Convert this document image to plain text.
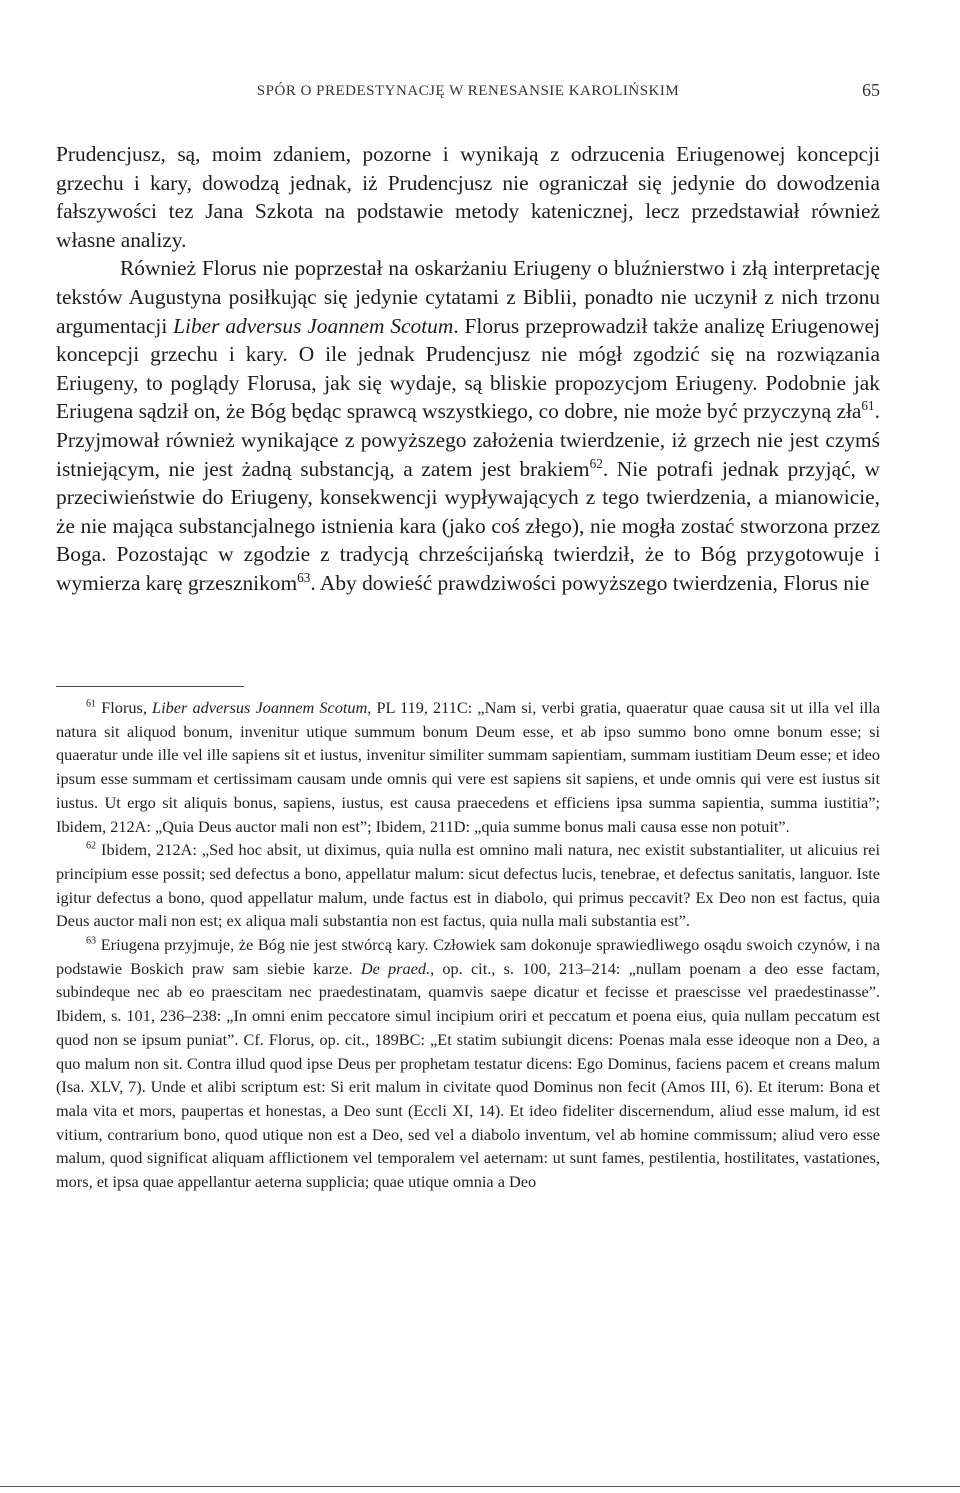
SPÓR O PREDESTYNACJĘ W RENESANSIE KAROLIŃSKIM	65

Prudencjusz, są, moim zdaniem, pozorne i wynikają z odrzucenia Eriugenowej koncepcji grzechu i kary, dowodzą jednak, iż Prudencjusz nie ograniczał się jedynie do dowodzenia fałszywości tez Jana Szkota na podstawie metody katenicznej, lecz przedstawiał również własne analizy.

Również Florus nie poprzestał na oskarżaniu Eriugeny o bluźnierstwo i złą interpretację tekstów Augustyna posiłkując się jedynie cytatami z Biblii, ponadto nie uczynił z nich trzonu argumentacji Liber adversus Joannem Scotum. Florus przeprowadził także analizę Eriugenowej koncepcji grzechu i kary. O ile jednak Prudencjusz nie mógł zgodzić się na rozwiązania Eriugeny, to poglądy Florusa, jak się wydaje, są bliskie propozycjom Eriugeny. Podobnie jak Eriugena sądził on, że Bóg będąc sprawcą wszystkiego, co dobre, nie może być przyczyną zła$^{61}$. Przyjmował również wynikające z powyższego założenia twierdzenie, iż grzech nie jest czymś istniejącym, nie jest żadną substancją, a zatem jest brakiem$^{62}$. Nie potrafi jednak przyjąć, w przeciwieństwie do Eriugeny, konsekwencji wypływających z tego twierdzenia, a mianowicie, że nie mająca substancjalnego istnienia kara (jako coś złego), nie mogła zostać stworzona przez Boga. Pozostając w zgodzie z tradycją chrześcijańską twierdził, że to Bóg przygotowuje i wymierza karę grzesznikom$^{63}$. Aby dowieść prawdziwości powyższego twierdzenia, Florus nie

$^{61}$ Florus, Liber adversus Joannem Scotum, PL 119, 211C: „Nam si, verbi gratia, quaeratur quae causa sit ut illa vel illa natura sit aliquod bonum, invenitur utique summum bonum Deum esse, et ab ipso summo bono omne bonum esse; si quaeratur unde ille vel ille sapiens sit et iustus, invenitur similiter summam sapientiam, summam iustitiam Deum esse; et ideo ipsum esse summam et certissimam causam unde omnis qui vere est sapiens sit sapiens, et unde omnis qui vere est iustus sit iustus. Ut ergo sit aliquis bonus, sapiens, iustus, est causa praecedens et efficiens ipsa summa sapientia, summa iustitia”; Ibidem, 212A: „Quia Deus auctor mali non est”; Ibidem, 211D: „quia summe bonus mali causa esse non potuit”.

$^{62}$ Ibidem, 212A: „Sed hoc absit, ut diximus, quia nulla est omnino mali natura, nec existit substantialiter, ut alicuius rei principium esse possit; sed defectus a bono, appellatur malum: sicut defectus lucis, tenebrae, et defectus sanitatis, languor. Iste igitur defectus a bono, quod appellatur malum, unde factus est in diabolo, qui primus peccavit? Ex Deo non est factus, quia Deus auctor mali non est; ex aliqua mali substantia non est factus, quia nulla mali substantia est”.

$^{63}$ Eriugena przyjmuje, że Bóg nie jest stwórcą kary. Człowiek sam dokonuje sprawiedliwego osądu swoich czynów, i na podstawie Boskich praw sam siebie karze. De praed., op. cit., s. 100, 213–214: „nullam poenam a deo esse factam, subindeque nec ab eo praescitam nec praedestinatam, quamvis saepe dicatur et fecisse et praescisse vel praedestinasse”. Ibidem, s. 101, 236–238: „In omni enim peccatore simul incipium oriri et peccatum et poena eius, quia nullam peccatum est quod non se ipsum puniat”. Cf. Florus, op. cit., 189BC: „Et statim subiungit dicens: Poenas mala esse ideoque non a Deo, a quo malum non sit. Contra illud quod ipse Deus per prophetam testatur dicens: Ego Dominus, faciens pacem et creans malum (Isa. XLV, 7). Unde et alibi scriptum est: Si erit malum in civitate quod Dominus non fecit (Amos III, 6). Et iterum: Bona et mala vita et mors, paupertas et honestas, a Deo sunt (Eccli XI, 14). Et ideo fideliter discernendum, aliud esse malum, id est vitium, contrarium bono, quod utique non est a Deo, sed vel a diabolo inventum, vel ab homine commissum; aliud vero esse malum, quod significat aliquam afflictionem vel temporalem vel aeternam: ut sunt fames, pestilentia, hostilitates, vastationes, mors, et ipsa quae appellantur aeterna supplicia; quae utique omnia a Deo
